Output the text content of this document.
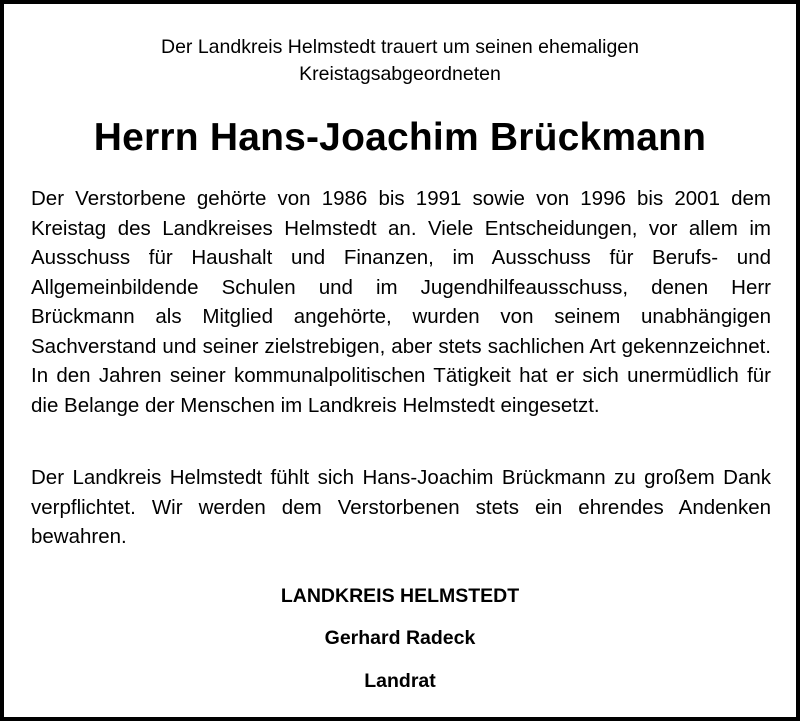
Der Landkreis Helmstedt trauert um seinen ehemaligen
Kreistagsabgeordneten
Herrn Hans-Joachim Brückmann

Der Verstorbene gehörte von 1986 bis 1991 sowie von 1996 bis 2001 dem Kreistag des Landkreises Helmstedt an. Viele Entscheidungen, vor allem im Ausschuss für Haushalt und Finanzen, im Ausschuss für Berufs- und Allgemeinbildende Schulen und im Jugendhilfeausschuss, denen Herr Brückmann als Mitglied angehörte, wurden von seinem unabhängigen Sachverstand und seiner zielstrebigen, aber stets sachlichen Art gekennzeichnet. In den Jahren seiner kommunalpolitischen Tätigkeit hat er sich unermüdlich für die Belange der Menschen im Landkreis Helmstedt eingesetzt.

Der Landkreis Helmstedt fühlt sich Hans-Joachim Brückmann zu großem Dank verpflichtet. Wir werden dem Verstorbenen stets ein ehrendes Andenken bewahren.

LANDKREIS HELMSTEDT
Gerhard Radeck
Landrat
